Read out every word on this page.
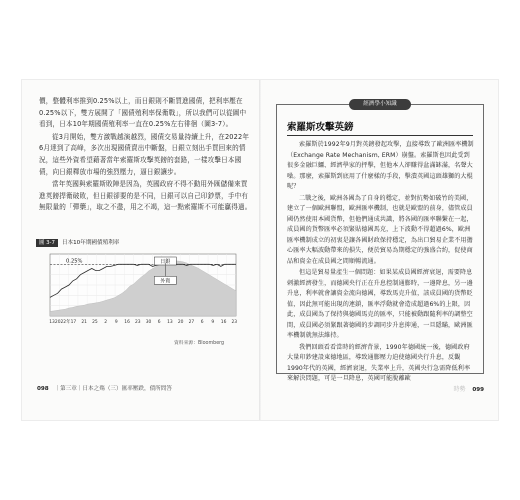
價，整體利率推到0.25%以上，而日銀則不斷買進國債，把利率壓在0.25%以下，雙方展開了「國債殖利率保衛戰」，所以我們可以從圖中看到，日本10年期國債殖利率一直在0.25%左右徘徊（圖3-7）。

從3月開始，雙方激戰越演越烈，國債交易量持續上升，在2022年6月達到了高峰，多次出現國債賣出中斷盤，日銀立刻出手買回來的情況，這些外資希望藉著當年索羅斯攻擊英鎊的套路，一樣攻擊日本國債，向日銀釋放市場的強烈壓力，逼日銀讓步。

當年英國與索羅斯敗陣是因為，英國政府不得不動用外匯儲備來買進英鎊捍衛破敗，但日銀卻要的是不同，日銀可以自己印鈔票，手中有無限量的「彈藥」，取之不盡，用之不竭，這一點索羅斯不可能贏得過。

圖 3-7	日本10年期國債殖利率
0.25%	日銀
外資
13 2022年 17 21 25 2 9 16 23 30 6 13 20 27 6 9 16 23
資料來源：Bloomberg
098 ｜第三章｜日本之殤（三）匯率壓跌，債所問答
經濟學小知識
索羅斯攻擊英鎊

索羅斯於1992年9月對英鎊發起攻擊，直接導致了歐洲匯率機制（Exchange Rate Mechanism, ERM）崩盤。索羅斯也因此受到很多金融巨鱷、經濟學家的抨擊，但他本人卻賺得盆滿缽滿，名聲大噪。那麼，索羅斯到底用了什麼樣的手段，擊潰英國這頭雄獅的大棍呢？

二戰之後，歐洲各國為了自身的穩定，並對抗勢如破竹的美國，建立了一個歐洲聯盟，歐洲匯率機制，也就是歐盟的前身，儘管成員國仍然使用本國貨幣，但他們通成共識，將各國的匯率聯繫在一起，成員國的貨幣匯率必須緊貼德國馬克，上下波動不得超過6%，歐洲匯率機制成立的初衷是讓各國財政保持穩定，為出口貿易企業不用擔心匯率大幅波動帶來的損失，便於貿易為期穩定的強盛合約，促使商品和資金在成員國之間順暢流通。

但這是貿易量產生一個問題：如果某成員國經濟衰退，需要降息刺激經濟發生，而德國央行正在升息控制通膨時，一邊降息，另一邊升息，利率就會讓資金流向德國，導致馬克升值，該成員國的貨幣貶值，因此無可能出現的連鎖，匯率浮動就會造成超過6%的上限，因此，成員國為了保持與德國馬克的匯率，只能被動跟隨利率的調整空間，成員國必須緊跟著德國的步調同步升息抑通，一旦隱瞞，歐洲匯率機制就無法維持。

我們回頭看看當時的經濟背景，1990年德國統一後，德國政府大量印鈔建設東德地區，導致通膨壓力迫使德國央行升息，反觀1990年代的英國，經濟衰退，失業率上升，英國央行急需降低利率來解決問題，可是一旦降息，英國可能脫離歐

時勢 099
